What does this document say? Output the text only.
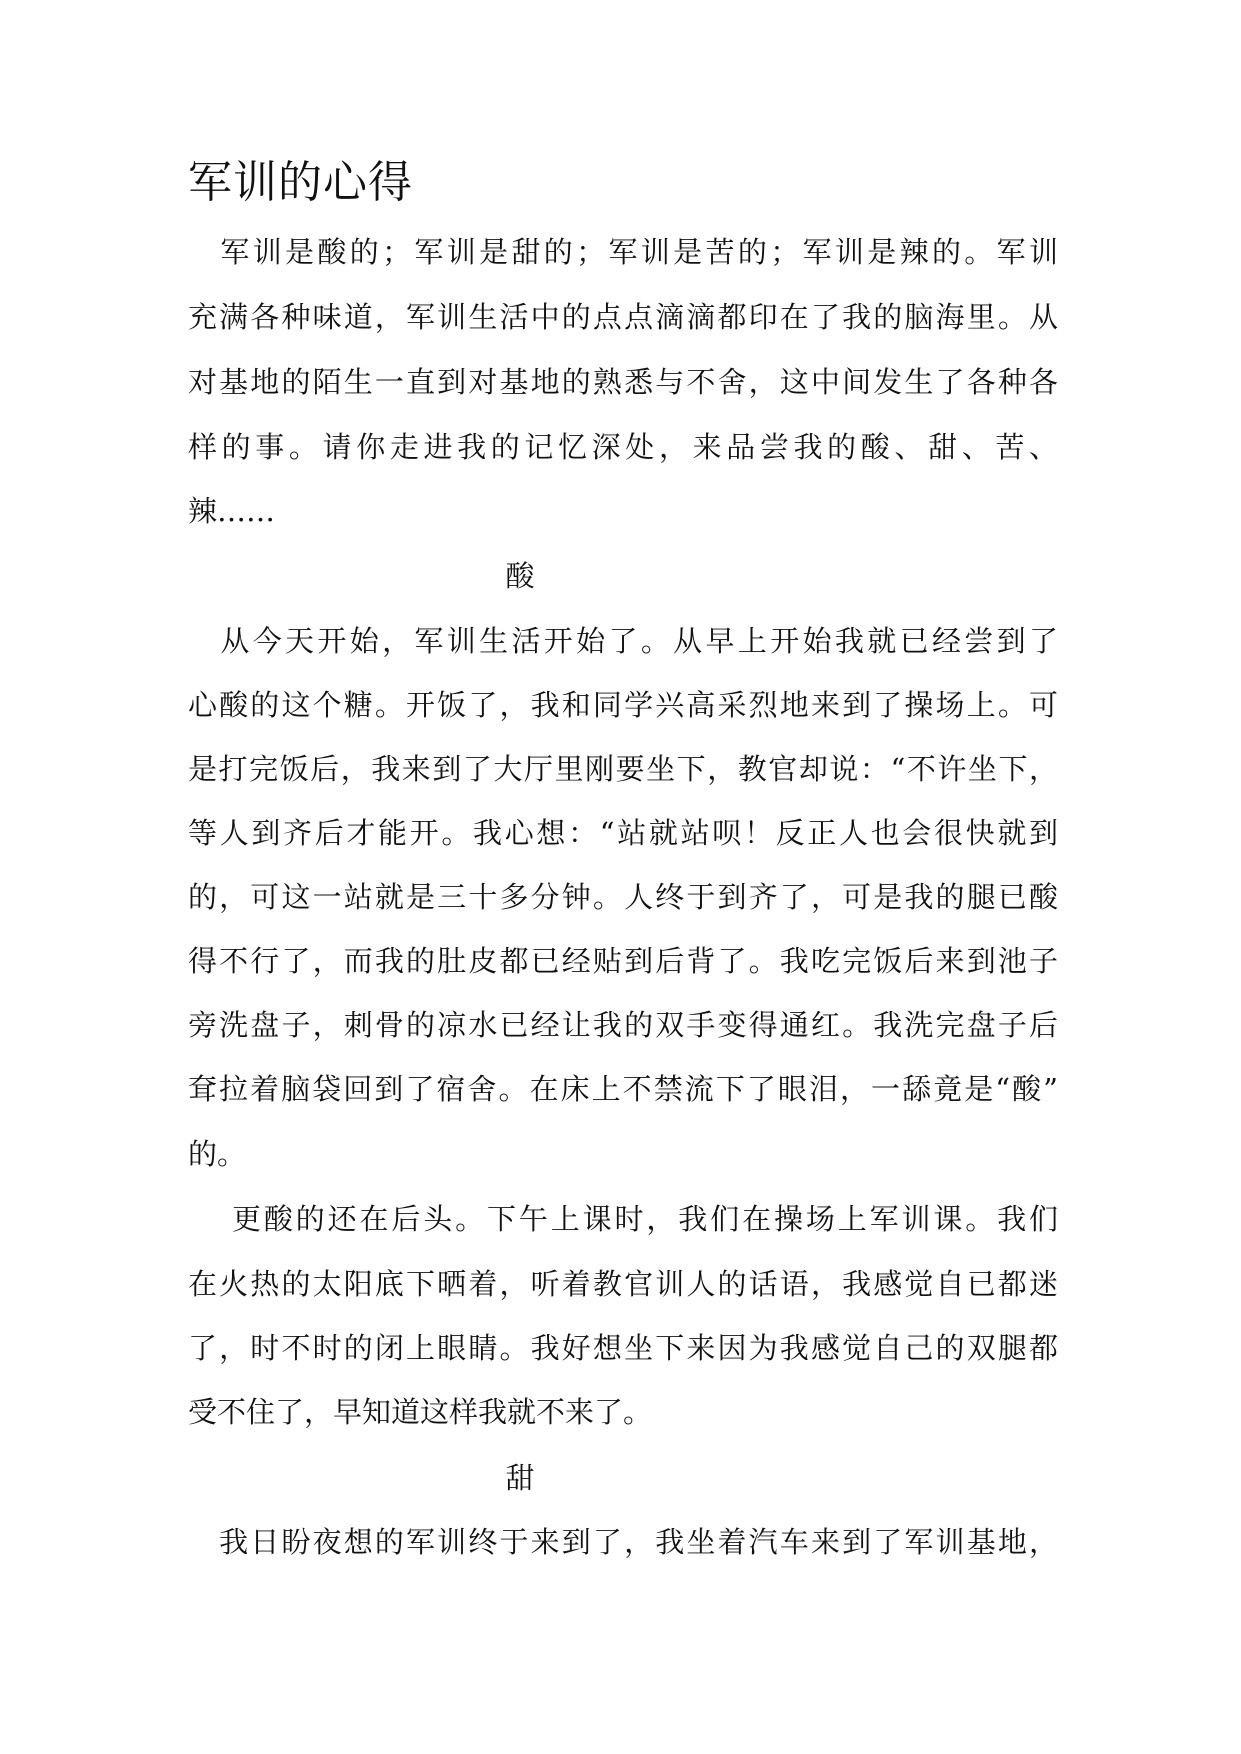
军训的心得
　军训是酸的；军训是甜的；军训是苦的；军训是辣的。军训
充满各种味道，军训生活中的点点滴滴都印在了我的脑海里。从
对基地的陌生一直到对基地的熟悉与不舍，这中间发生了各种各
样的事。请你走进我的记忆深处，来品尝我的酸、甜、苦、
辣……
酸
　从今天开始，军训生活开始了。从早上开始我就已经尝到了
心酸的这个糖。开饭了，我和同学兴高采烈地来到了操场上。可
是打完饭后，我来到了大厅里刚要坐下，教官却说：“不许坐下，
等人到齐后才能开。我心想：“站就站呗！反正人也会很快就到
的，可这一站就是三十多分钟。人终于到齐了，可是我的腿已酸
得不行了，而我的肚皮都已经贴到后背了。我吃完饭后来到池子
旁洗盘子，刺骨的凉水已经让我的双手变得通红。我洗完盘子后
耷拉着脑袋回到了宿舍。在床上不禁流下了眼泪，一舔竟是“酸”
的。
　 更酸的还在后头。下午上课时，我们在操场上军训课。我们
在火热的太阳底下晒着，听着教官训人的话语，我感觉自已都迷
了，时不时的闭上眼睛。我好想坐下来因为我感觉自己的双腿都
受不住了，早知道这样我就不来了。
甜
　我日盼夜想的军训终于来到了，我坐着汽车来到了军训基地，
